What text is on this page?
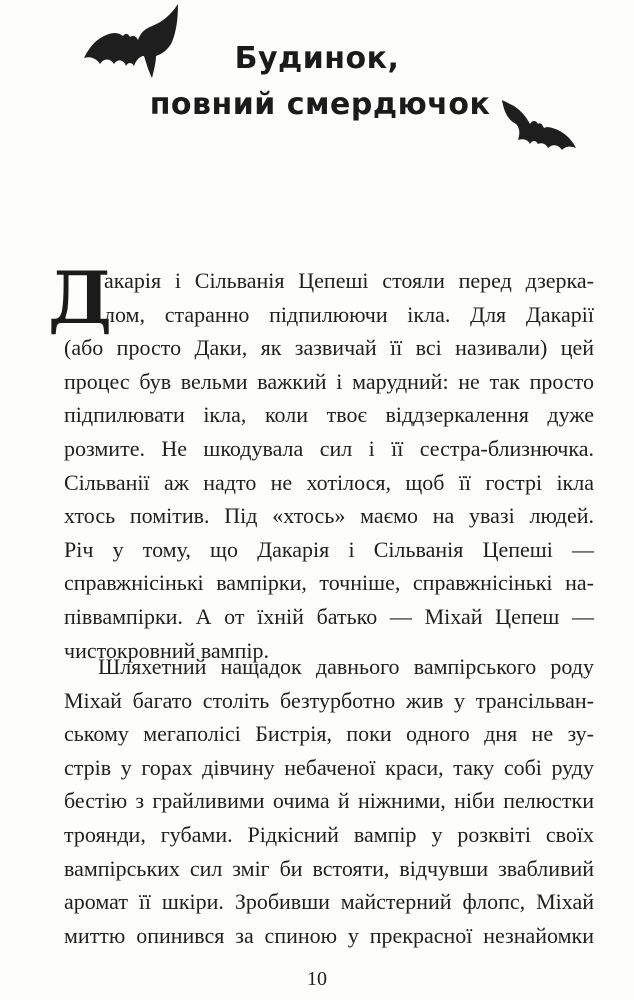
Будинок,
повний смердючок
Д
акарія і Сільванія Цепеші стояли перед дзерка-
лом, старанно підпилюючи ікла. Для Дакарії
(або просто Даки, як зазвичай її всі називали) цей
процес був вельми важкий і марудний: не так просто
підпилювати ікла, коли твоє віддзеркалення дуже
розмите. Не шкодувала сил і її сестра-близнючка.
Сільванії аж надто не хотілося, щоб її гострі ікла
хтось помітив. Під «хтось» маємо на увазі людей.
Річ у тому, що Дакарія і Сільванія Цепеші —
справжнісінькі вампірки, точніше, справжнісінькі на-
піввампірки. А от їхній батько — Міхай Цепеш —
чистокровний вампір.
Шляхетний нащадок давнього вампірського роду
Міхай багато століть безтурботно жив у трансільван-
ському мегаполісі Бистрія, поки одного дня не зу-
стрів у горах дівчину небаченої краси, таку собі руду
бестію з грайливими очима й ніжними, ніби пелюстки
троянди, губами. Рідкісний вампір у розквіті своїх
вампірських сил зміг би встояти, відчувши звабливий
аромат її шкіри. Зробивши майстерний флопс, Міхай
миттю опинився за спиною у прекрасної незнайомки
10
